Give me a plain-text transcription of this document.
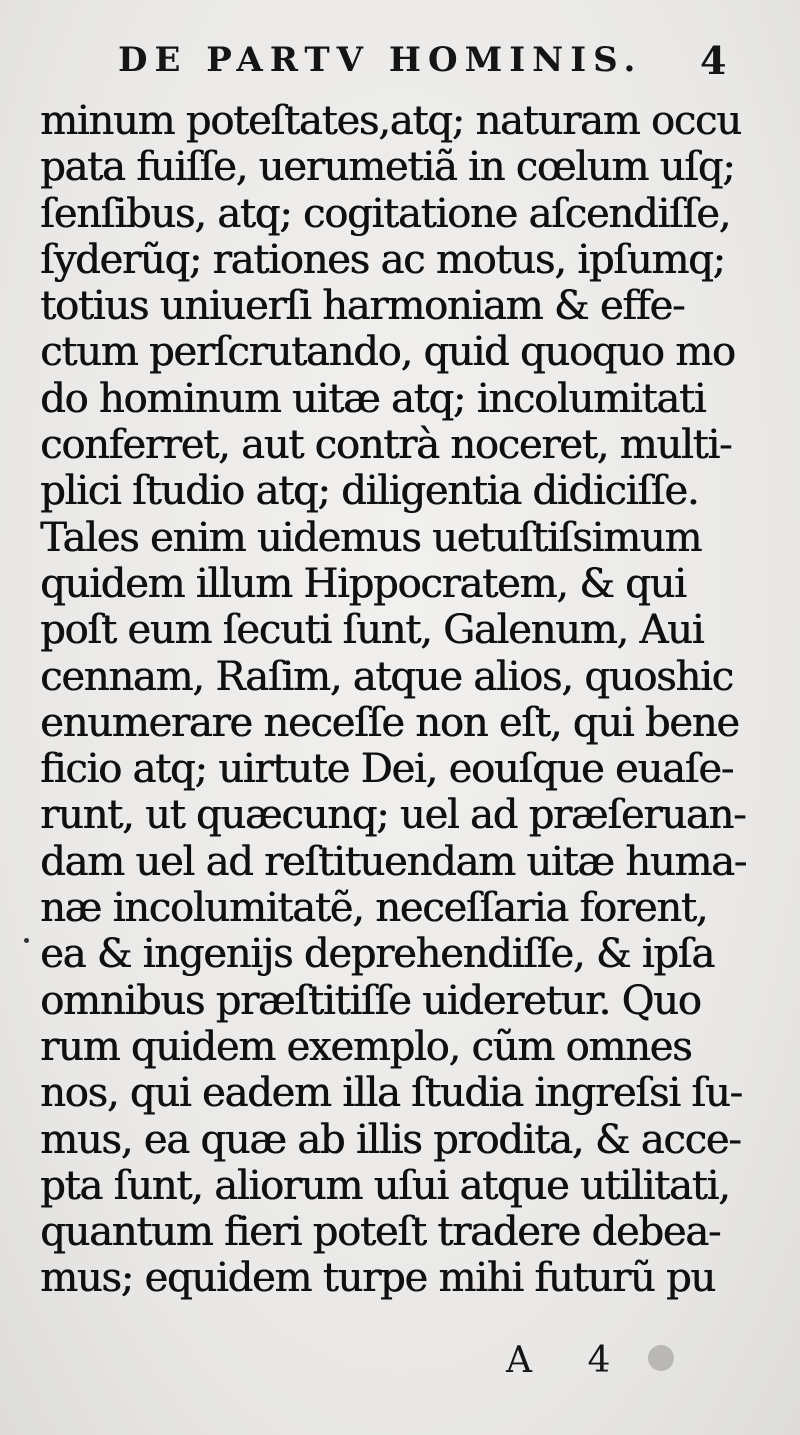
DE PARTV HOMINIS. 4
minum poteſtates,atq; naturam occu
pata fuiſſe, uerumetiã in cœlum uſq;
ſenſibus, atq; cogitatione aſcendiſſe,
ſyderũq; rationes ac motus, ipſumq;
totius uniuerſi harmoniam & effe-
ctum perſcrutando, quid quoquo mo
do hominum uitæ atq; incolumitati
conferret, aut contrà noceret, multi-
plici ſtudio atq; diligentia didiciſſe.
Tales enim uidemus uetuſtiſsimum
quidem illum Hippocratem, & qui
poſt eum ſecuti ſunt, Galenum, Aui
cennam, Raſim, atque alios, quoshic
enumerare neceſſe non eſt, qui bene
ficio atq; uirtute Dei, eouſque euaſe-
runt, ut quæcunq; uel ad præſeruan-
dam uel ad reſtituendam uitæ huma-
næ incolumitatẽ, neceſſaria forent,
ea & ingenijs deprehendiſſe, & ipſa
omnibus præſtitiſſe uideretur. Quo
rum quidem exemplo, cũm omnes
nos, qui eadem illa ſtudia ingreſsi ſu-
mus, ea quæ ab illis prodita, & acce-
pta ſunt, aliorum uſui atque utilitati,
quantum fieri poteſt tradere debea-
mus; equidem turpe mihi futurũ pu
A 4
